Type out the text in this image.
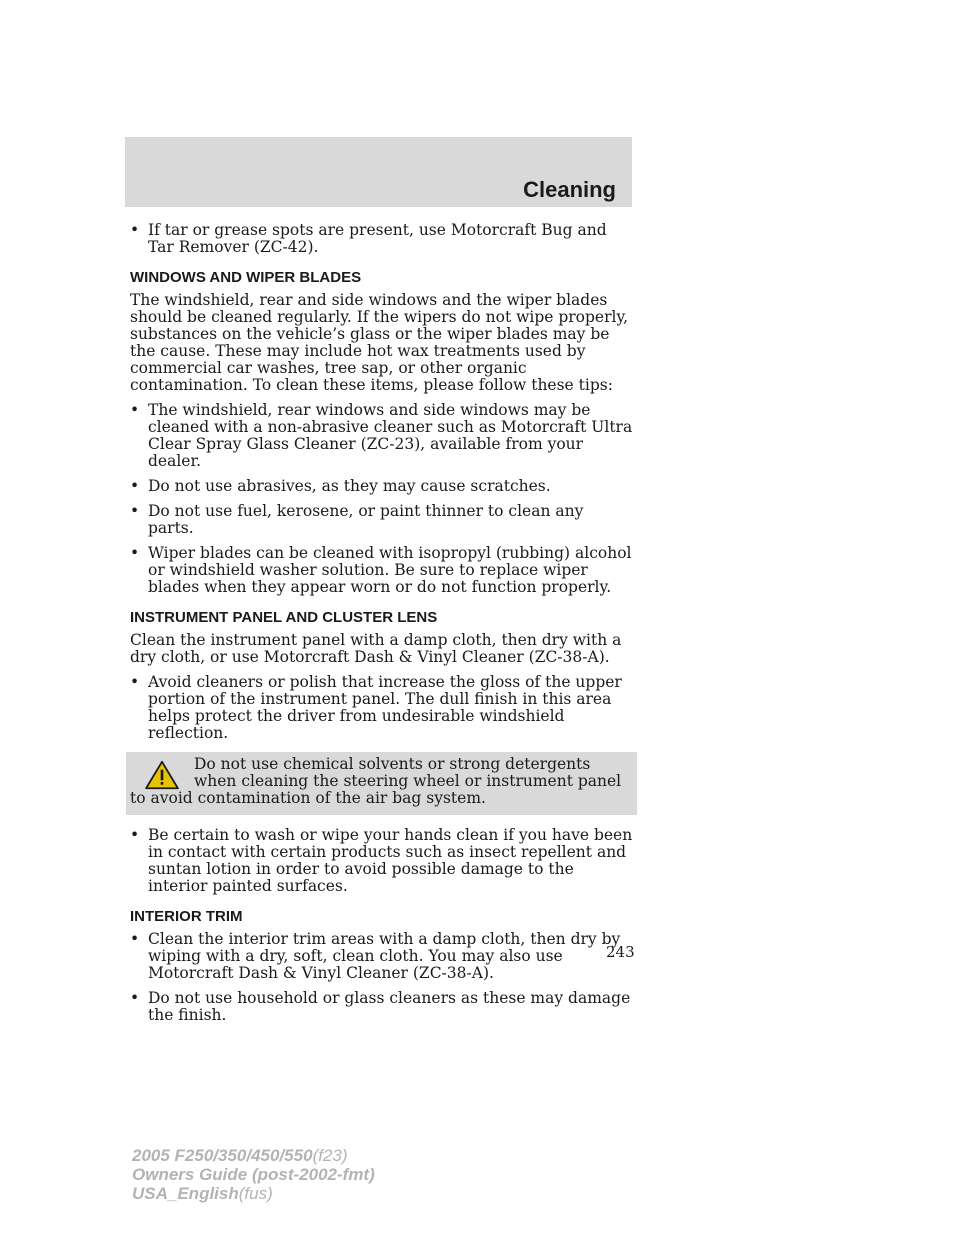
Cleaning
• If tar or grease spots are present, use Motorcraft Bug and Tar Remover (ZC-42).
WINDOWS AND WIPER BLADES
The windshield, rear and side windows and the wiper blades should be cleaned regularly. If the wipers do not wipe properly, substances on the vehicle’s glass or the wiper blades may be the cause. These may include hot wax treatments used by commercial car washes, tree sap, or other organic contamination. To clean these items, please follow these tips:
• The windshield, rear windows and side windows may be cleaned with a non-abrasive cleaner such as Motorcraft Ultra Clear Spray Glass Cleaner (ZC-23), available from your dealer.
• Do not use abrasives, as they may cause scratches.
• Do not use fuel, kerosene, or paint thinner to clean any parts.
• Wiper blades can be cleaned with isopropyl (rubbing) alcohol or windshield washer solution. Be sure to replace wiper blades when they appear worn or do not function properly.
INSTRUMENT PANEL AND CLUSTER LENS
Clean the instrument panel with a damp cloth, then dry with a dry cloth, or use Motorcraft Dash & Vinyl Cleaner (ZC-38-A).
• Avoid cleaners or polish that increase the gloss of the upper portion of the instrument panel. The dull finish in this area helps protect the driver from undesirable windshield reflection.
Do not use chemical solvents or strong detergents when cleaning the steering wheel or instrument panel to avoid contamination of the air bag system.
• Be certain to wash or wipe your hands clean if you have been in contact with certain products such as insect repellent and suntan lotion in order to avoid possible damage to the interior painted surfaces.
INTERIOR TRIM
• Clean the interior trim areas with a damp cloth, then dry by wiping with a dry, soft, clean cloth. You may also use Motorcraft Dash & Vinyl Cleaner (ZC-38-A).
• Do not use household or glass cleaners as these may damage the finish.
243
2005 F250/350/450/550(f23)
Owners Guide (post-2002-fmt)
USA_English(fus)
